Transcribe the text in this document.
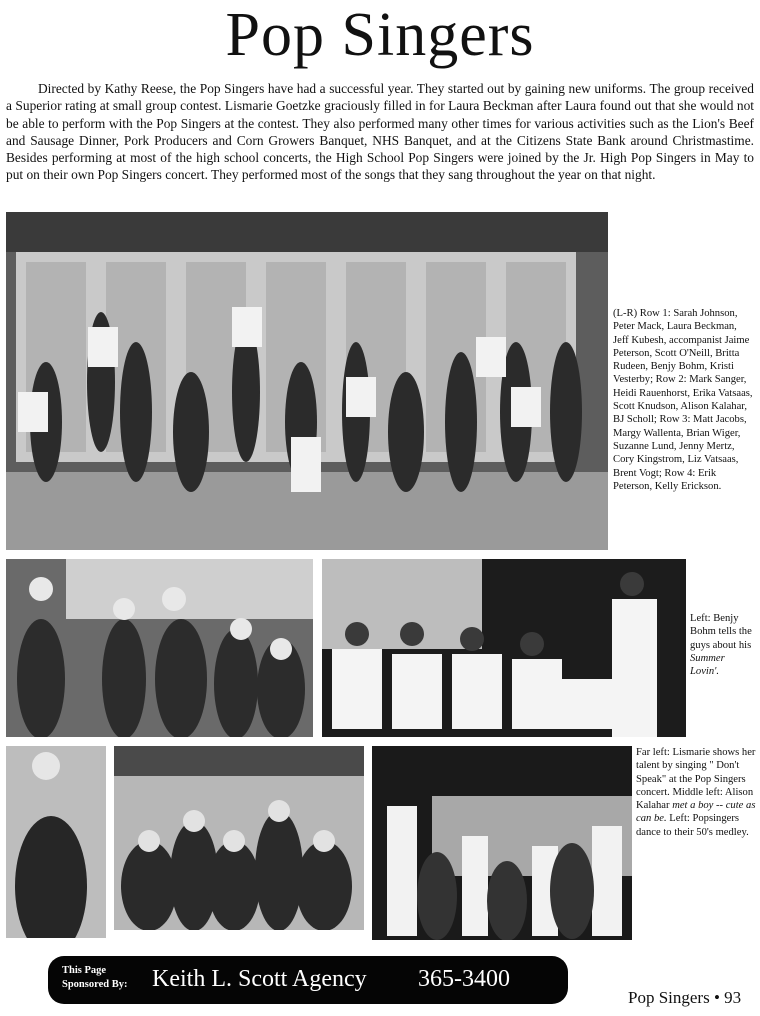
Pop Singers

Directed by Kathy Reese, the Pop Singers have had a successful year. They started out by gaining new uniforms. The group received a Superior rating at small group contest. Lismarie Goetzke graciously filled in for Laura Beckman after Laura found out that she would not be able to perform with the Pop Singers at the contest. They also performed many other times for various activities such as the Lion's Beef and Sausage Dinner, Pork Producers and Corn Growers Banquet, NHS Banquet, and at the Citizens State Bank around Christmastime. Besides performing at most of the high school concerts, the High School Pop Singers were joined by the Jr. High Pop Singers in May to put on their own Pop Singers concert. They performed most of the songs that they sang throughout the year on that night.

(L-R) Row 1: Sarah Johnson, Peter Mack, Laura Beckman, Jeff Kubesh, accompanist Jaime Peterson, Scott O'Neill, Britta Rudeen, Benjy Bohm, Kristi Vesterby; Row 2: Mark Sanger, Heidi Rauenhorst, Erika Vatsaas, Scott Knudson, Alison Kalahar, BJ Scholl; Row 3: Matt Jacobs, Margy Wallenta, Brian Wiger, Suzanne Lund, Jenny Mertz, Cory Kingstrom, Liz Vatsaas, Brent Vogt; Row 4: Erik Peterson, Kelly Erickson.
Left: Benjy Bohm tells the guys about his Summer Lovin'.
Far left: Lismarie shows her talent by singing " Don't Speak" at the Pop Singers concert. Middle left: Alison Kalahar met a boy -- cute as can be. Left: Popsingers dance to their 50's medley.
This Page
Sponsored By: Keith L. Scott Agency 365-3400
Pop Singers • 93
